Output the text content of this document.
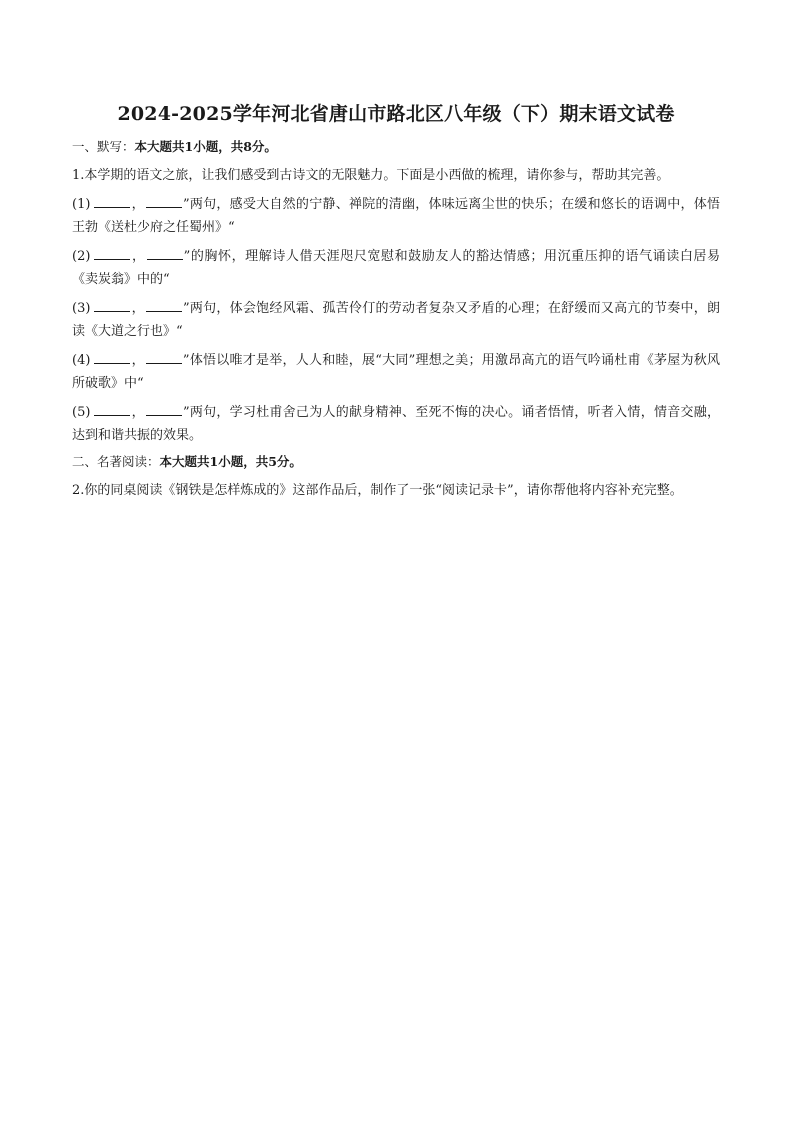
2024-2025学年河北省唐山市路北区八年级（下）期末语文试卷
一、默写：本大题共1小题，共8分。

1.本学期的语文之旅，让我们感受到古诗文的无限魅力。下面是小西做的梳理，请你参与，帮助其完善。

(1)	，	”两句，感受大自然的宁静、禅院的清幽，体味远离尘世的快乐；在缓和悠长的语调中，体悟王勃《送杜少府之任蜀州》“

(2)	，	”的胸怀，理解诗人借天涯咫尺宽慰和鼓励友人的豁达情感；用沉重压抑的语气诵读白居易《卖炭翁》中的“

(3)	，	”两句，体会饱经风霜、孤苦伶仃的劳动者复杂又矛盾的心理；在舒缓而又高亢的节奏中，朗读《大道之行也》“

(4)	，	”体悟以唯才是举，人人和睦，展“大同”理想之美；用激昂高亢的语气吟诵杜甫《茅屋为秋风所破歌》中“

(5)	，	”两句，学习杜甫舍己为人的献身精神、至死不悔的决心。诵者悟情，听者入情，情音交融，达到和谐共振的效果。

二、名著阅读：本大题共1小题，共5分。

2.你的同桌阅读《钢铁是怎样炼成的》这部作品后，制作了一张“阅读记录卡”，请你帮他将内容补充完整。
